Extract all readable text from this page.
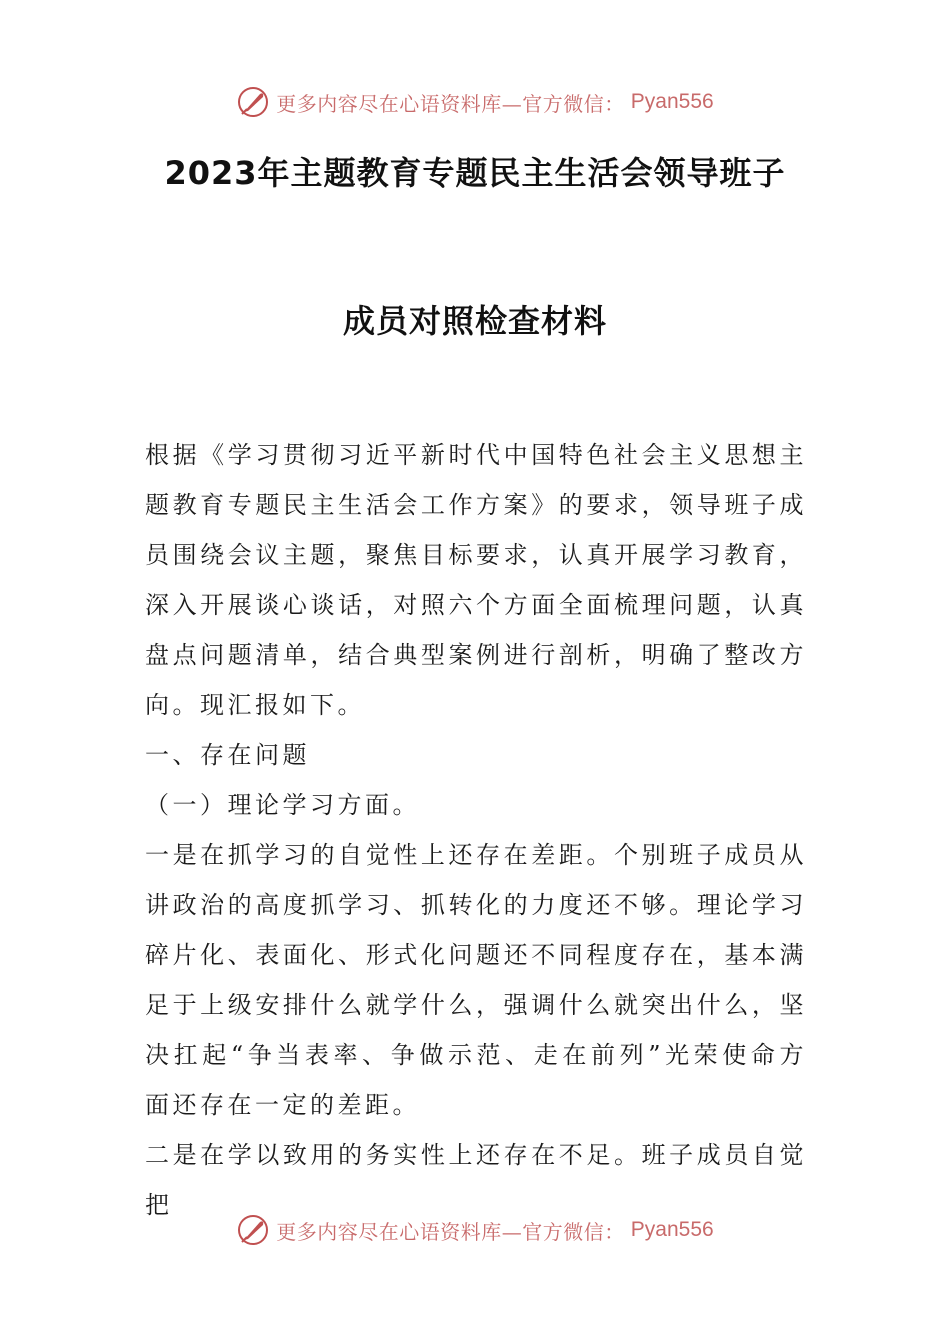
更多内容尽在心语资料库—官方微信： Pyan556
2023年主题教育专题民主生活会领导班子
成员对照检查材料

根据《学习贯彻习近平新时代中国特色社会主义思想主题教育专题民主生活会工作方案》的要求，领导班子成员围绕会议主题，聚焦目标要求，认真开展学习教育，深入开展谈心谈话，对照六个方面全面梳理问题，认真盘点问题清单，结合典型案例进行剖析，明确了整改方向。现汇报如下。

一、存在问题

（一）理论学习方面。

一是在抓学习的自觉性上还存在差距。个别班子成员从讲政治的高度抓学习、抓转化的力度还不够。理论学习碎片化、表面化、形式化问题还不同程度存在，基本满足于上级安排什么就学什么，强调什么就突出什么，坚决扛起“争当表率、争做示范、走在前列”光荣使命方面还存在一定的差距。

二是在学以致用的务实性上还存在不足。班子成员自觉把

更多内容尽在心语资料库—官方微信： Pyan556
